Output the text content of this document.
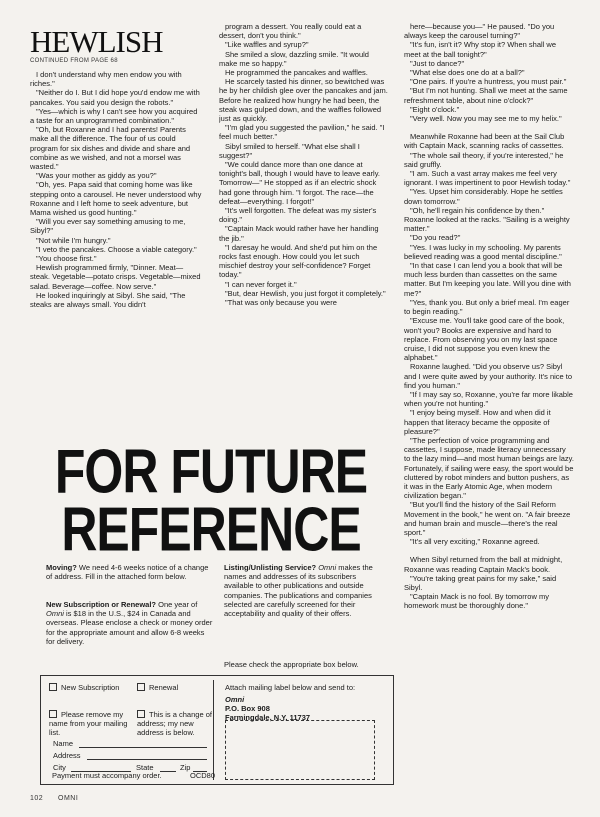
HEWLISH
CONTINUED FROM PAGE 68

I don't understand why men endow you with riches."

"Neither do I. But I did hope you'd endow me with pancakes. You said you design the robots."

"Yes—which is why I can't see how you acquired a taste for an unprogrammed combination."

"Oh, but Roxanne and I had parents! Parents make all the difference. The four of us could program for six dishes and divide and share and combine as we wished, and not a morsel was wasted."

"Was your mother as giddy as you?"

"Oh, yes. Papa said that coming home was like stepping onto a carousel. He never understood why Roxanne and I left home to seek adventure, but Mama wished us good hunting."

"Will you ever say something amusing to me, Sibyl?"

"Not while I'm hungry."

"I veto the pancakes. Choose a viable category."

"You choose first."

Hewlish programmed firmly, "Dinner. Meat—steak. Vegetable—potato crisps. Vegetable—mixed salad. Beverage—coffee. Now serve."

He looked inquiringly at Sibyl. She said, "The steaks are always small. You didn't

program a dessert. You really could eat a dessert, don't you think."

"Like waffles and syrup?"

She smiled a slow, dazzling smile. "It would make me so happy."

He programmed the pancakes and waffles.

He scarcely tasted his dinner, so bewitched was he by her childish glee over the pancakes and jam. Before he realized how hungry he had been, the steak was gulped down, and the waffles followed just as quickly.

"I'm glad you suggested the pavilion," he said. "I feel much better."

Sibyl smiled to herself. "What else shall I suggest?"

"We could dance more than one dance at tonight's ball, though I would have to leave early. Tomorrow—" He stopped as if an electric shock had gone through him. "I forgot. The race—the defeat—everything. I forgot!"

"It's well forgotten. The defeat was my sister's doing."

"Captain Mack would rather have her handling the jib."

"I daresay he would. And she'd put him on the rocks fast enough. How could you let such mischief destroy your self-confidence? Forget today."

"I can never forget it."

"But, dear Hewlish, you just forgot it completely."

"That was only because you were

here—because you—" He paused. "Do you always keep the carousel turning?"

"It's fun, isn't it? Why stop it? When shall we meet at the ball tonight?"

"Just to dance?"

"What else does one do at a ball?"

"One pairs. If you're a huntress, you must pair."

"But I'm not hunting. Shall we meet at the same refreshment table, about nine o'clock?"

"Eight o'clock."

"Very well. Now you may see me to my helix."

Meanwhile Roxanne had been at the Sail Club with Captain Mack, scanning racks of cassettes.

"The whole sail theory, if you're interested," he said gruffly.

"I am. Such a vast array makes me feel very ignorant. I was impertinent to poor Hewlish today."

"Yes. Upset him considerably. Hope he settles down tomorrow."

"Oh, he'll regain his confidence by then." Roxanne looked at the racks. "Sailing is a weighty matter."

"Do you read?"

"Yes. I was lucky in my schooling. My parents believed reading was a good mental discipline."

"In that case I can lend you a book that will be much less burden than cassettes on the same matter. But I'm keeping you late. Will you dine with me?"

"Yes, thank you. But only a brief meal. I'm eager to begin reading."

"Excuse me. You'll take good care of the book, won't you? Books are expensive and hard to replace. From observing you on my last space cruise, I did not suppose you even knew the alphabet."

Roxanne laughed. "Did you observe us? Sibyl and I were quite awed by your authority. It's nice to find you human."

"If I may say so, Roxanne, you're far more likable when you're not hunting."

"I enjoy being myself. How and when did it happen that literacy became the opposite of pleasure?"

"The perfection of voice programming and cassettes, I suppose, made literacy unnecessary to the lazy mind—and most human beings are lazy. Fortunately, if sailing were easy, the sport would be cluttered by robot minders and button pushers, as it was in the Early Atomic Age, when modern civilization began."

"But you'll find the history of the Sail Reform Movement in the book," he went on. "A fair breeze and human brain and muscle—there's the real sport."

"It's all very exciting," Roxanne agreed.

When Sibyl returned from the ball at midnight, Roxanne was reading Captain Mack's book.

"You're taking great pains for my sake," said Sibyl.

"Captain Mack is no fool. By tomorrow my homework must be thoroughly done."

FOR FUTURE
REFERENCE
Moving? We need 4-6 weeks notice of a change of address. Fill in the attached form below.
New Subscription or Renewal? One year of Omni is $18 in the U.S., $24 in Canada and overseas. Please enclose a check or money order for the appropriate amount and allow 6-8 weeks for delivery.
Listing/Unlisting Service? Omni makes the names and addresses of its subscribers available to other publications and outside companies. The publications and companies selected are carefully screened for their acceptability and quality of their offers.
Please check the appropriate box below.
New Subscription	Renewal
Please remove my name from your mailing list.
This is a change of address; my new address is below.
Name
Address
City	State	Zip
Attach mailing label below and send to:
Omni
P.O. Box 908
Farmingdale, N.Y. 11737
Payment must accompany order.	OCD80
102 OMNI
